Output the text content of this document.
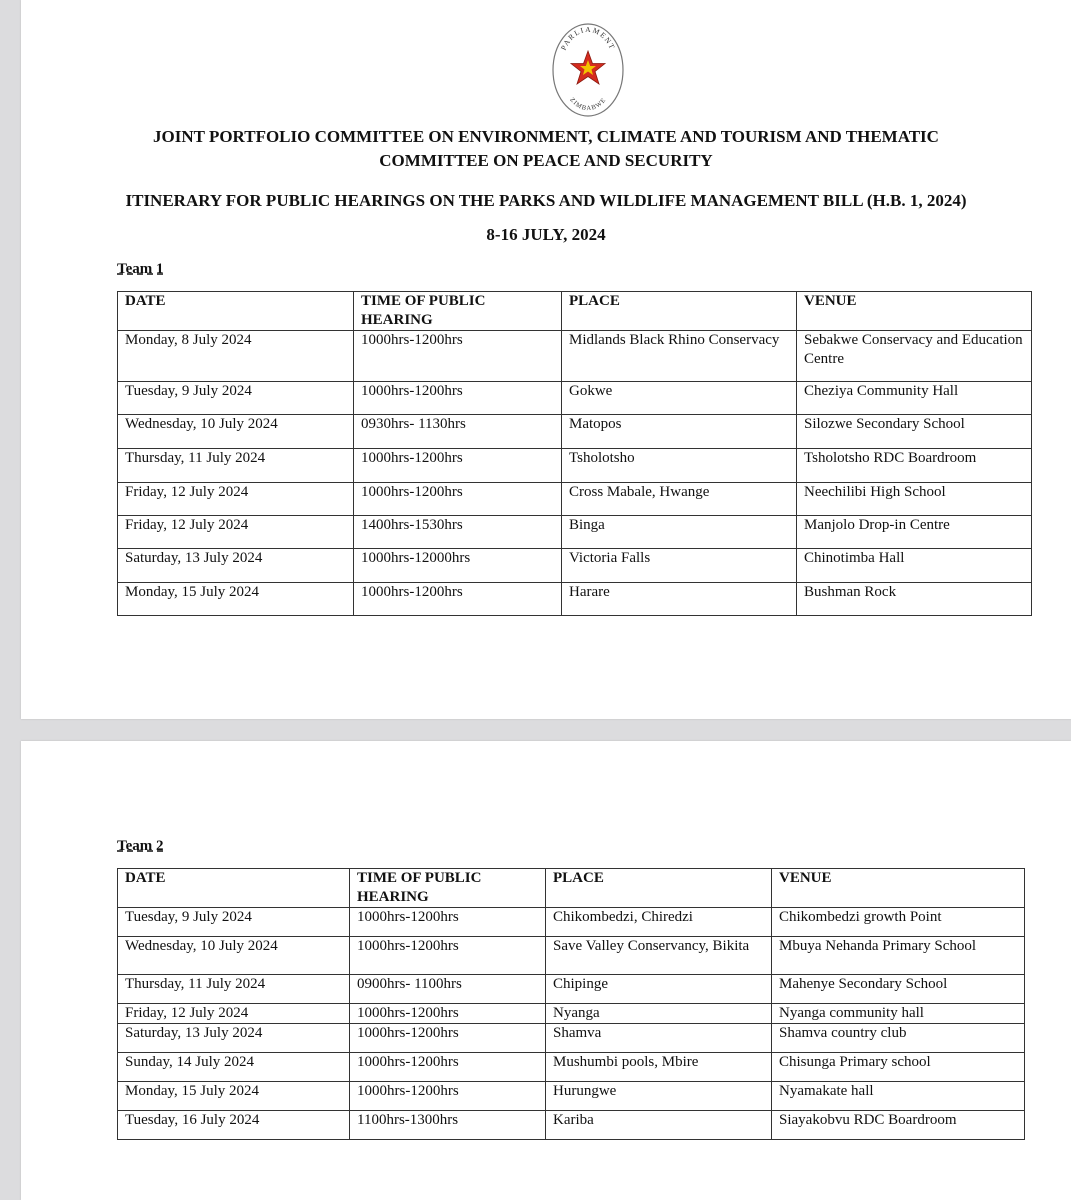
PARLIAMENT
ZIMBABWE
JOINT PORTFOLIO COMMITTEE ON ENVIRONMENT, CLIMATE AND TOURISM AND THEMATIC
COMMITTEE ON PEACE AND SECURITY
ITINERARY FOR PUBLIC HEARINGS ON THE PARKS AND WILDLIFE MANAGEMENT BILL (H.B. 1, 2024)
8-16 JULY, 2024
Team 1
DATE	TIME OF PUBLIC HEARING	PLACE	VENUE
Monday, 8 July 2024	1000hrs-1200hrs	Midlands Black Rhino Conservacy	Sebakwe Conservacy and Education Centre
Tuesday, 9 July 2024	1000hrs-1200hrs	Gokwe	Cheziya Community Hall
Wednesday, 10 July 2024	0930hrs- 1130hrs	Matopos	Silozwe Secondary School
Thursday, 11 July 2024	1000hrs-1200hrs	Tsholotsho	Tsholotsho RDC Boardroom
Friday, 12 July 2024	1000hrs-1200hrs	Cross Mabale, Hwange	Neechilibi High School
Friday, 12 July 2024	1400hrs-1530hrs	Binga	Manjolo Drop-in Centre
Saturday, 13 July 2024	1000hrs-12000hrs	Victoria Falls	Chinotimba Hall
Monday, 15 July 2024	1000hrs-1200hrs	Harare	Bushman Rock
Team 2
DATE	TIME OF PUBLIC HEARING	PLACE	VENUE
Tuesday, 9 July 2024	1000hrs-1200hrs	Chikombedzi, Chiredzi	Chikombedzi growth Point
Wednesday, 10 July 2024	1000hrs-1200hrs	Save Valley Conservancy, Bikita	Mbuya Nehanda Primary School
Thursday, 11 July 2024	0900hrs- 1100hrs	Chipinge	Mahenye Secondary School
Friday, 12 July 2024	1000hrs-1200hrs	Nyanga	Nyanga community hall
Saturday, 13 July 2024	1000hrs-1200hrs	Shamva	Shamva country club
Sunday, 14 July 2024	1000hrs-1200hrs	Mushumbi pools, Mbire	Chisunga Primary school
Monday, 15 July 2024	1000hrs-1200hrs	Hurungwe	Nyamakate hall
Tuesday, 16 July 2024	1100hrs-1300hrs	Kariba	Siayakobvu RDC Boardroom
